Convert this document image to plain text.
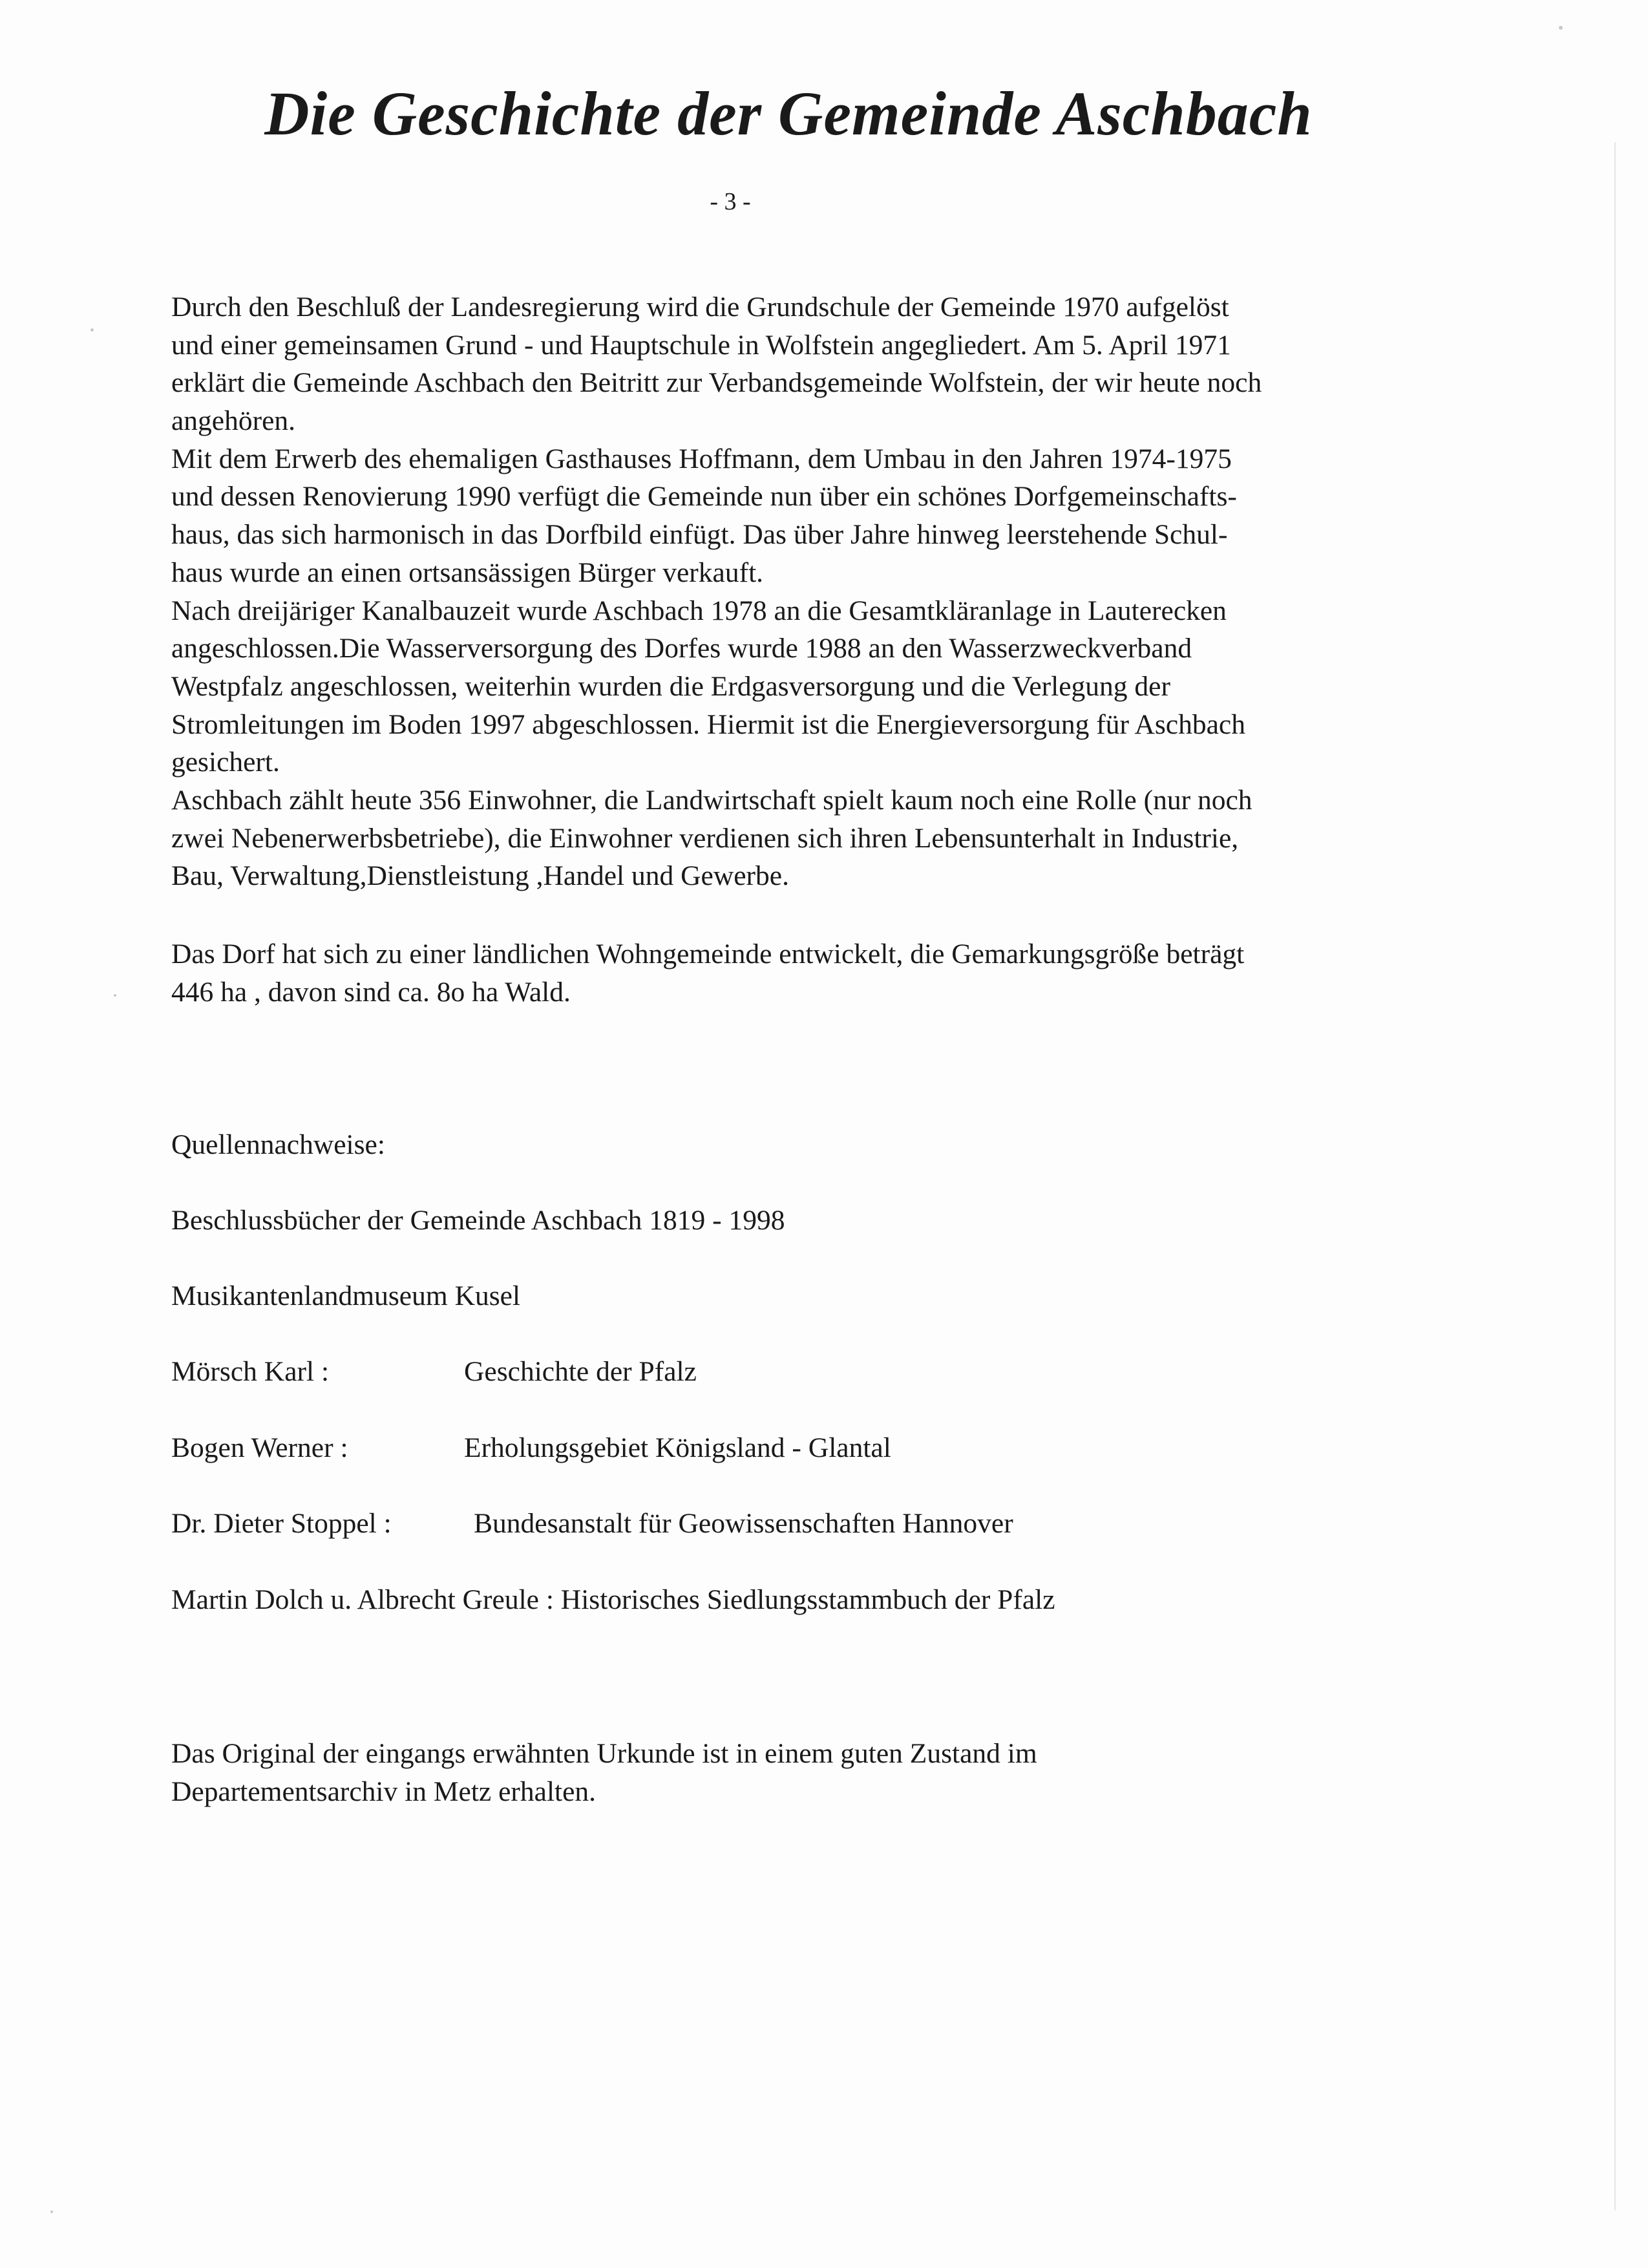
Die Geschichte der Gemeinde Aschbach
- 3 -
Durch den Beschluß der Landesregierung wird die Grundschule der Gemeinde 1970 aufgelöst
und einer gemeinsamen Grund - und Hauptschule in Wolfstein angegliedert. Am 5. April 1971
erklärt die Gemeinde Aschbach den Beitritt zur Verbandsgemeinde Wolfstein, der wir heute noch
angehören.
Mit dem Erwerb des ehemaligen Gasthauses Hoffmann, dem Umbau in den Jahren 1974-1975
und dessen Renovierung 1990 verfügt die Gemeinde nun über ein schönes Dorfgemeinschafts-
haus, das sich harmonisch in das Dorfbild einfügt. Das über Jahre hinweg leerstehende Schul-
haus wurde an einen ortsansässigen Bürger verkauft.
Nach dreijäriger Kanalbauzeit wurde Aschbach 1978 an die Gesamtkläranlage in Lauterecken
angeschlossen.Die Wasserversorgung des Dorfes wurde 1988 an den Wasserzweckverband
Westpfalz angeschlossen, weiterhin wurden die Erdgasversorgung und die Verlegung der
Stromleitungen im Boden 1997 abgeschlossen. Hiermit ist die Energieversorgung für Aschbach
gesichert.
Aschbach zählt heute 356 Einwohner, die Landwirtschaft spielt kaum noch eine Rolle (nur noch
zwei Nebenerwerbsbetriebe), die Einwohner verdienen sich ihren Lebensunterhalt in Industrie,
Bau, Verwaltung,Dienstleistung ,Handel und Gewerbe.
Das Dorf hat sich zu einer ländlichen Wohngemeinde entwickelt, die Gemarkungsgröße beträgt
446 ha , davon sind ca. 8o ha Wald.
Quellennachweise:
Beschlussbücher der Gemeinde Aschbach 1819 - 1998
Musikantenlandmuseum Kusel
Mörsch Karl :	Geschichte der Pfalz
Bogen Werner :	Erholungsgebiet Königsland - Glantal
Dr. Dieter Stoppel :	Bundesanstalt für Geowissenschaften Hannover
Martin Dolch u. Albrecht Greule : Historisches Siedlungsstammbuch der Pfalz
Das Original der eingangs erwähnten Urkunde ist in einem guten Zustand im
Departementsarchiv in Metz erhalten.
